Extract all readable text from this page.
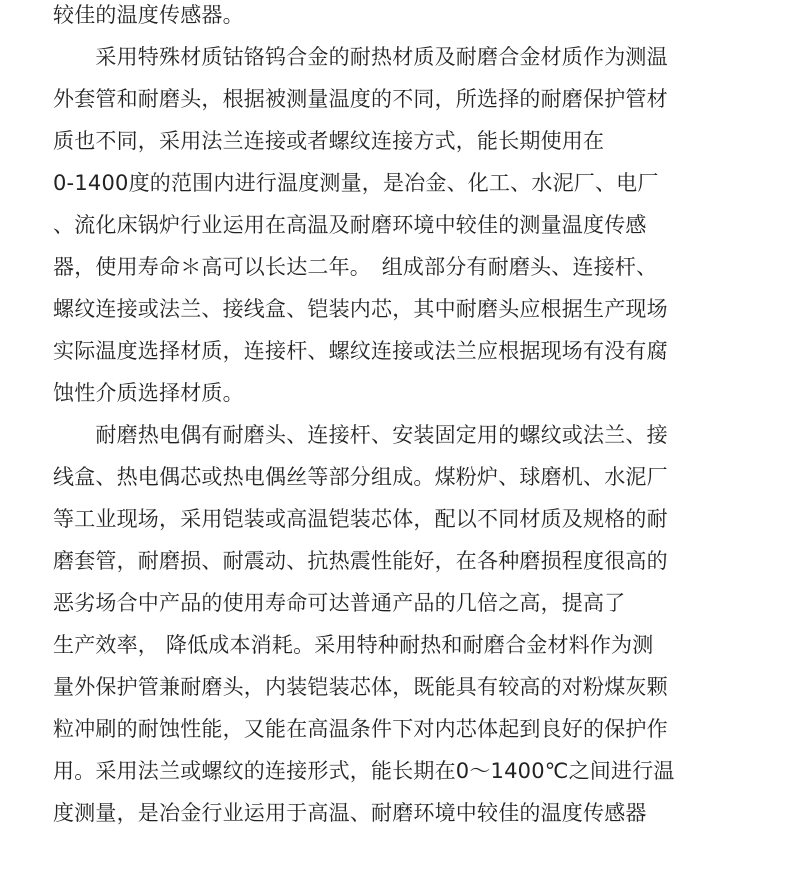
较佳的温度传感器。
　　采用特殊材质钴铬钨合金的耐热材质及耐磨合金材质作为测温
外套管和耐磨头，根据被测量温度的不同，所选择的耐磨保护管材
质也不同，采用法兰连接或者螺纹连接方式，能长期使用在
0-1400度的范围内进行温度测量，是冶金、化工、水泥厂、电厂
、流化床锅炉行业运用在高温及耐磨环境中较佳的测量温度传感
器，使用寿命＊高可以长达二年。　组成部分有耐磨头、连接杆、
螺纹连接或法兰、接线盒、铠装内芯，其中耐磨头应根据生产现场
实际温度选择材质，连接杆、螺纹连接或法兰应根据现场有没有腐
蚀性介质选择材质。
　　耐磨热电偶有耐磨头、连接杆、安装固定用的螺纹或法兰、接
线盒、热电偶芯或热电偶丝等部分组成。煤粉炉、球磨机、水泥厂
等工业现场，采用铠装或高温铠装芯体，配以不同材质及规格的耐
磨套管，耐磨损、耐震动、抗热震性能好，在各种磨损程度很高的
恶劣场合中产品的使用寿命可达普通产品的几倍之高，提高了
生产效率， 降低成本消耗。采用特种耐热和耐磨合金材料作为测
量外保护管兼耐磨头，内装铠装芯体，既能具有较高的对粉煤灰颗
粒冲刷的耐蚀性能，又能在高温条件下对内芯体起到良好的保护作
用。采用法兰或螺纹的连接形式，能长期在0～1400℃之间进行温
度测量，是冶金行业运用于高温、耐磨环境中较佳的温度传感器
